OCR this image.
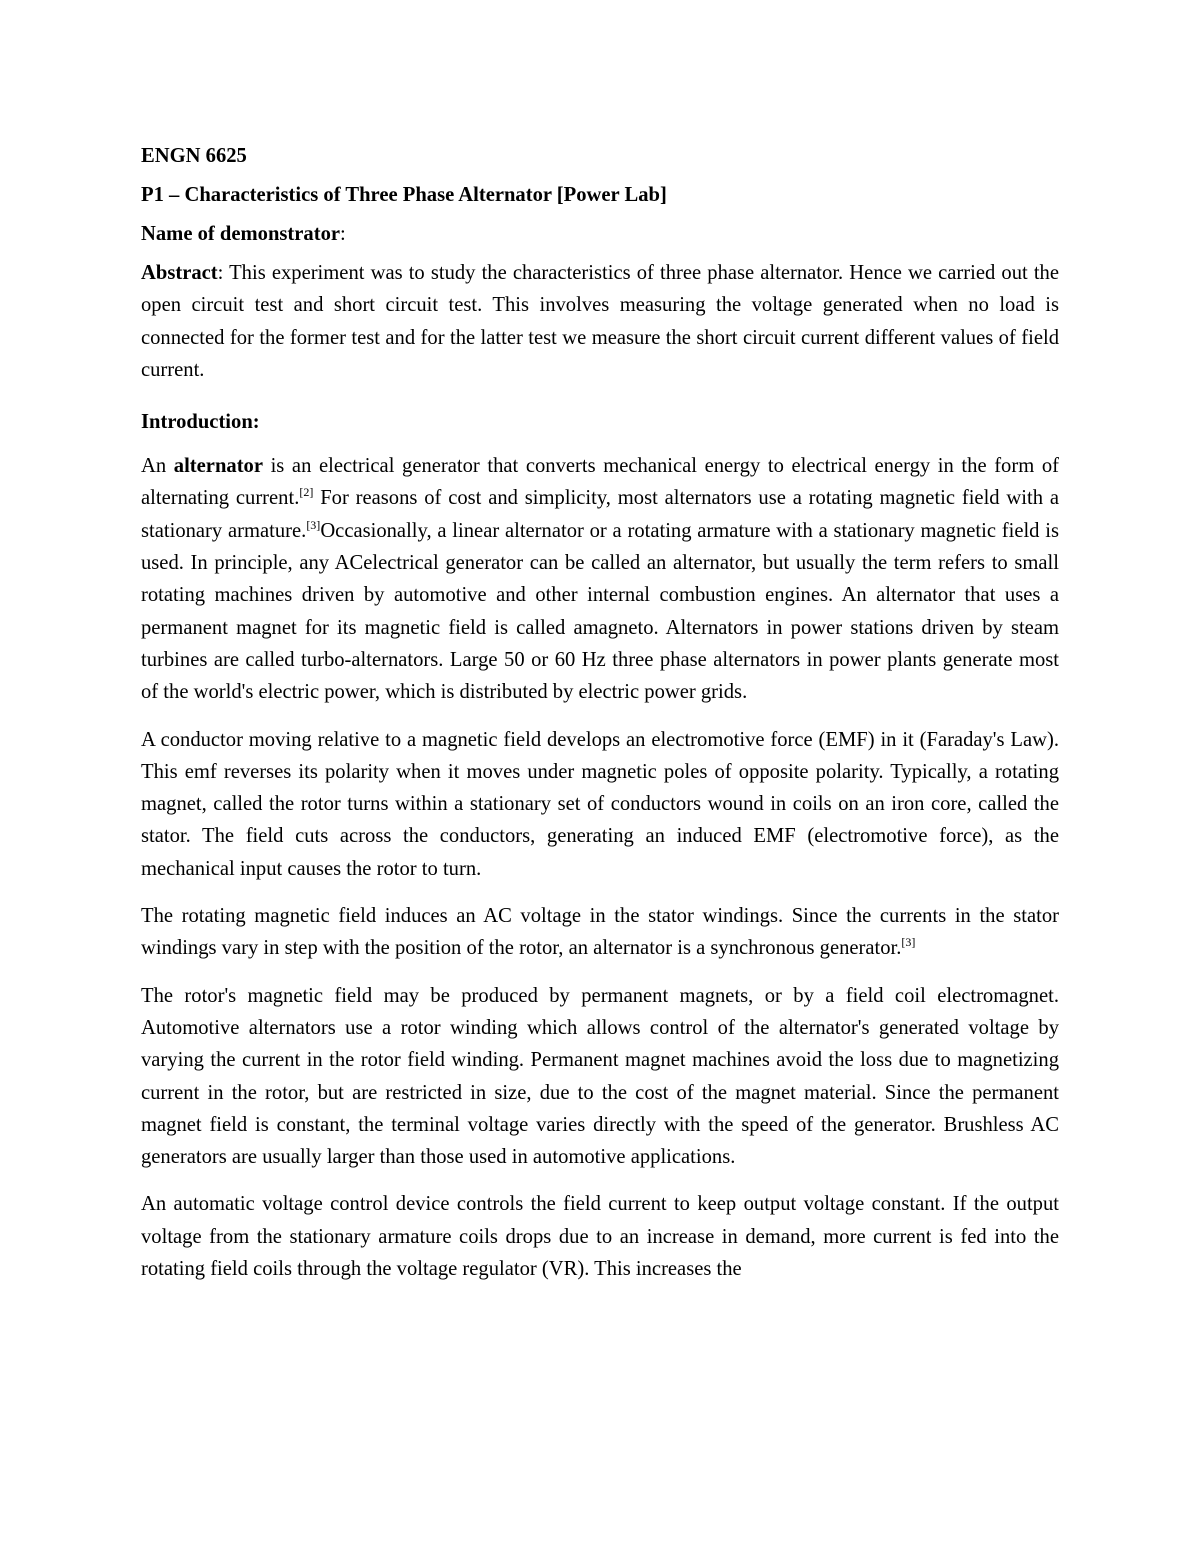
ENGN 6625
P1 – Characteristics of Three Phase Alternator [Power Lab]
Name of demonstrator:

Abstract: This experiment was to study the characteristics of three phase alternator. Hence we carried out the open circuit test and short circuit test. This involves measuring the voltage generated when no load is connected for the former test and for the latter test we measure the short circuit current different values of field current.

Introduction:

An alternator is an electrical generator that converts mechanical energy to electrical energy in the form of alternating current.[2] For reasons of cost and simplicity, most alternators use a rotating magnetic field with a stationary armature.[3]Occasionally, a linear alternator or a rotating armature with a stationary magnetic field is used. In principle, any ACelectrical generator can be called an alternator, but usually the term refers to small rotating machines driven by automotive and other internal combustion engines. An alternator that uses a permanent magnet for its magnetic field is called amagneto. Alternators in power stations driven by steam turbines are called turbo-alternators. Large 50 or 60 Hz three phase alternators in power plants generate most of the world's electric power, which is distributed by electric power grids.

A conductor moving relative to a magnetic field develops an electromotive force (EMF) in it (Faraday's Law). This emf reverses its polarity when it moves under magnetic poles of opposite polarity. Typically, a rotating magnet, called the rotor turns within a stationary set of conductors wound in coils on an iron core, called the stator. The field cuts across the conductors, generating an induced EMF (electromotive force), as the mechanical input causes the rotor to turn.

The rotating magnetic field induces an AC voltage in the stator windings. Since the currents in the stator windings vary in step with the position of the rotor, an alternator is a synchronous generator.[3]

The rotor's magnetic field may be produced by permanent magnets, or by a field coil electromagnet. Automotive alternators use a rotor winding which allows control of the alternator's generated voltage by varying the current in the rotor field winding. Permanent magnet machines avoid the loss due to magnetizing current in the rotor, but are restricted in size, due to the cost of the magnet material. Since the permanent magnet field is constant, the terminal voltage varies directly with the speed of the generator. Brushless AC generators are usually larger than those used in automotive applications.

An automatic voltage control device controls the field current to keep output voltage constant. If the output voltage from the stationary armature coils drops due to an increase in demand, more current is fed into the rotating field coils through the voltage regulator (VR). This increases the
